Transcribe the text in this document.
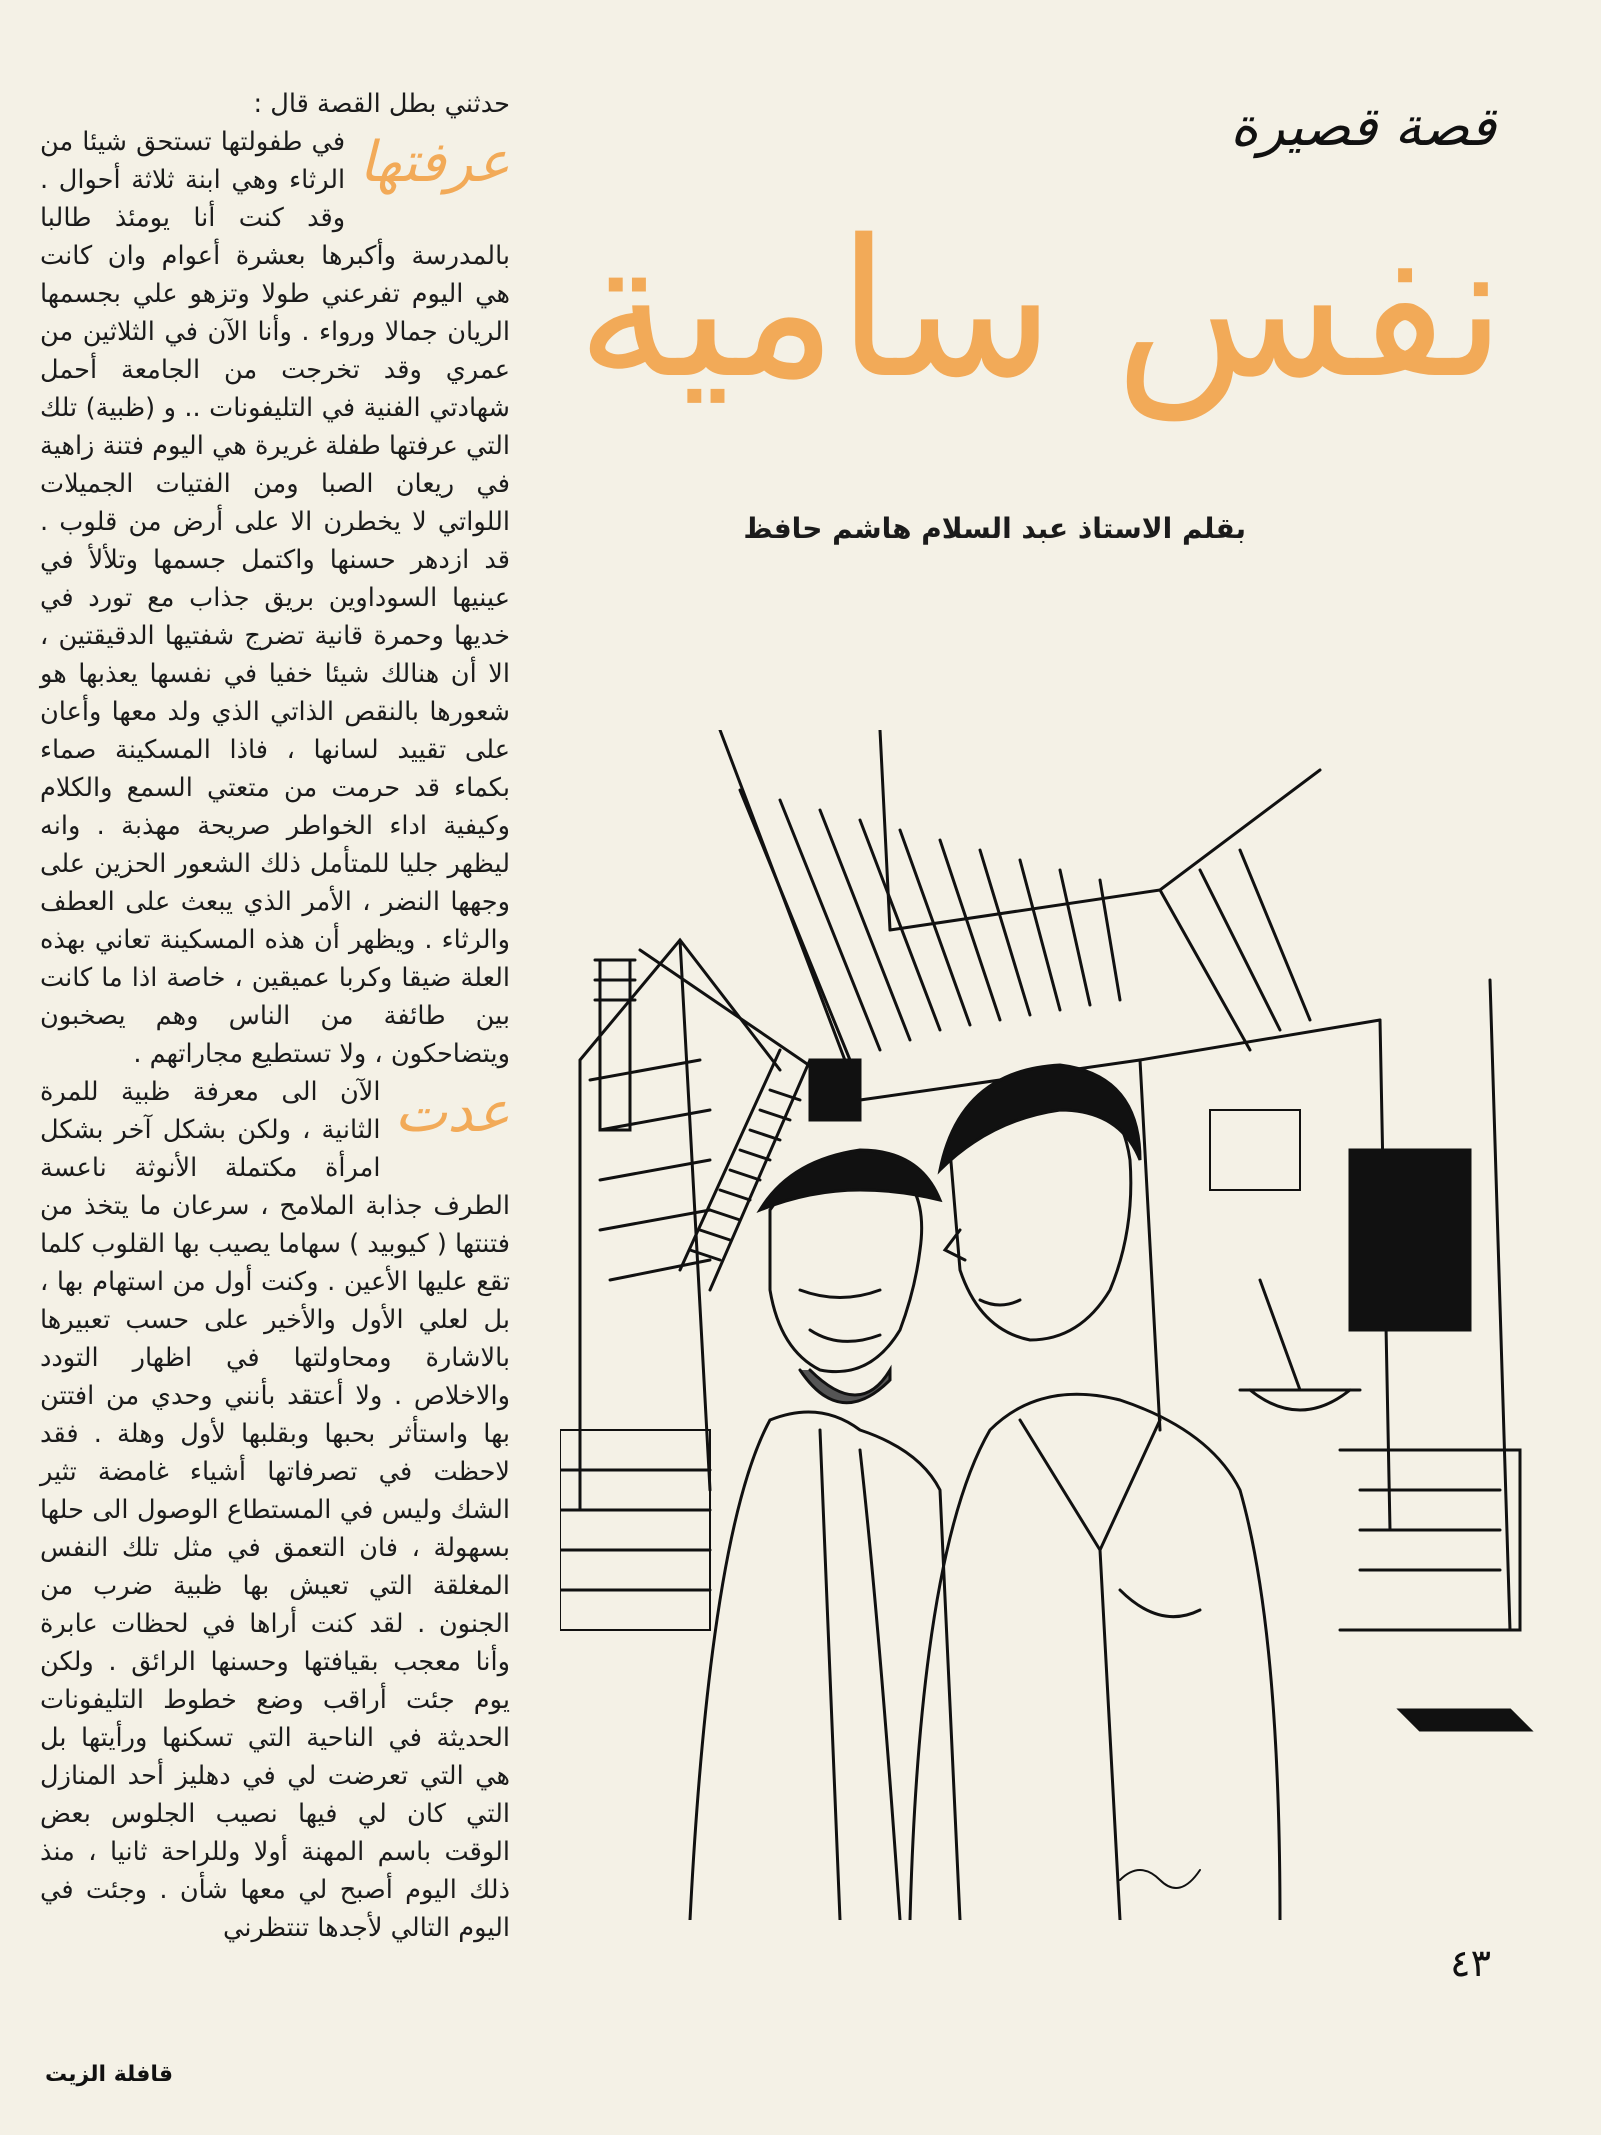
قصة قصيرة
نفس سامية
بقلم الاستاذ عبد السلام هاشم حافظ
حدثني بطل القصة قال :

عرفتها
في طفولتها تستحق شيئا من الرثاء وهي ابنة ثلاثة أحوال . وقد كنت أنا يومئذ طالبا بالمدرسة وأكبرها بعشرة أعوام وان كانت هي اليوم تفرعني طولا وتزهو علي بجسمها الريان جمالا ورواء . وأنا الآن في الثلاثين من عمري وقد تخرجت من الجامعة أحمل شهادتي الفنية في التليفونات .. و (ظبية) تلك التي عرفتها طفلة غريرة هي اليوم فتنة زاهية في ريعان الصبا ومن الفتيات الجميلات اللواتي لا يخطرن الا على أرض من قلوب . قد ازدهر حسنها واكتمل جسمها وتلألأ في عينيها السوداوين بريق جذاب مع تورد في خديها وحمرة قانية تضرج شفتيها الدقيقتين ، الا أن هنالك شيئا خفيا في نفسها يعذبها هو شعورها بالنقص الذاتي الذي ولد معها وأعان على تقييد لسانها ، فاذا المسكينة صماء بكماء قد حرمت من متعتي السمع والكلام وكيفية اداء الخواطر صريحة مهذبة . وانه ليظهر جليا للمتأمل ذلك الشعور الحزين على وجهها النضر ، الأمر الذي يبعث على العطف والرثاء . ويظهر أن هذه المسكينة تعاني بهذه العلة ضيقا وكربا عميقين ، خاصة اذا ما كانت بين طائفة من الناس وهم يصخبون ويتضاحكون ، ولا تستطيع مجاراتهم .

عدت
الآن الى معرفة ظبية للمرة الثانية ، ولكن بشكل آخر بشكل امرأة مكتملة الأنوثة ناعسة الطرف جذابة الملامح ، سرعان ما يتخذ من فتنتها ( كيوبيد ) سهاما يصيب بها القلوب كلما تقع عليها الأعين . وكنت أول من استهام بها ، بل لعلي الأول والأخير على حسب تعبيرها بالاشارة ومحاولتها في اظهار التودد والاخلاص . ولا أعتقد بأنني وحدي من افتتن بها واستأثر بحبها وبقلبها لأول وهلة . فقد لاحظت في تصرفاتها أشياء غامضة تثير الشك وليس في المستطاع الوصول الى حلها بسهولة ، فان التعمق في مثل تلك النفس المغلقة التي تعيش بها ظبية ضرب من الجنون . لقد كنت أراها في لحظات عابرة وأنا معجب بقيافتها وحسنها الرائق . ولكن يوم جئت أراقب وضع خطوط التليفونات الحديثة في الناحية التي تسكنها ورأيتها بل هي التي تعرضت لي في دهليز أحد المنازل التي كان لي فيها نصيب الجلوس بعض الوقت باسم المهنة أولا وللراحة ثانيا ، منذ ذلك اليوم أصبح لي معها شأن . وجئت في اليوم التالي لأجدها تنتظرني

٤٣
قافلة الزيت
